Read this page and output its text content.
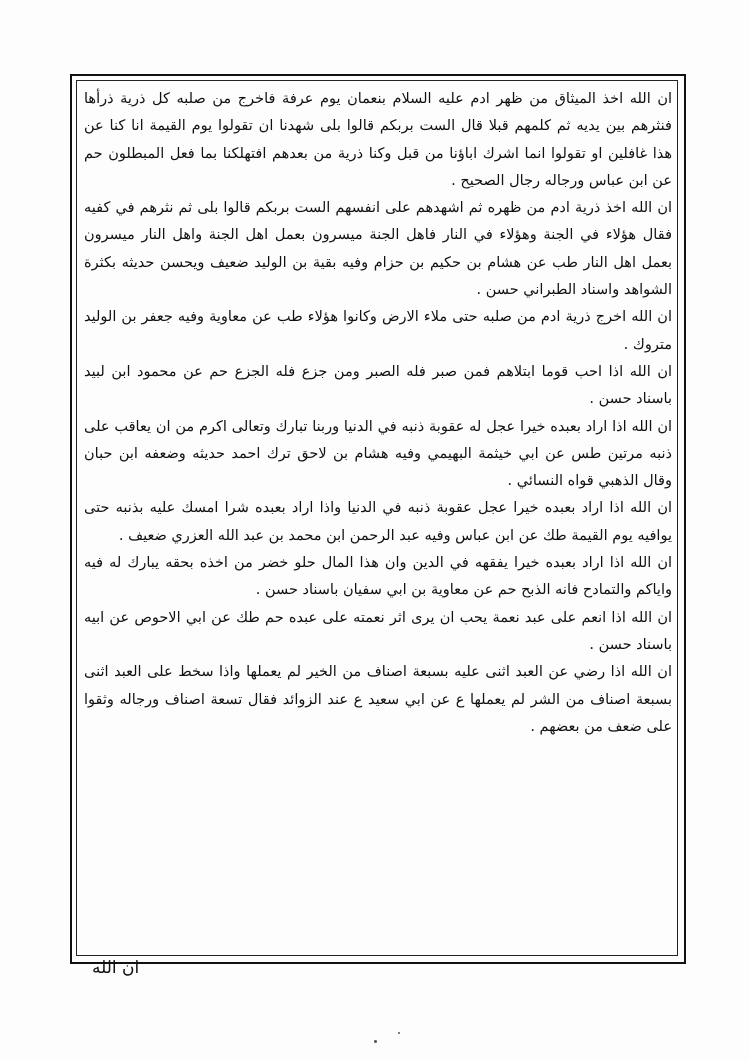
ان الله اخذ الميثاق من ظهر ادم عليه السلام بنعمان يوم عرفة فاخرج من صلبه كل ذرية ذرأها فنثرهم بين يديه ثم كلمهم قبلا قال الست بربكم قالوا بلى شهدنا ان تقولوا يوم القيمة انا كنا عن هذا غافلين او تقولوا انما اشرك اباؤنا من قبل وكنا ذرية من بعدهم افتهلكنا بما فعل المبطلون حم عن ابن عباس ورجاله رجال الصحيح .
ان الله اخذ ذرية ادم من ظهره ثم اشهدهم على انفسهم الست بربكم قالوا بلى ثم نثرهم في كفيه فقال هؤلاء في الجنة وهؤلاء في النار فاهل الجنة ميسرون بعمل اهل الجنة واهل النار ميسرون بعمل اهل النار طب عن هشام بن حكيم بن حزام وفيه بقية بن الوليد ضعيف ويحسن حديثه بكثرة الشواهد واسناد الطبراني حسن .
ان الله اخرج ذرية ادم من صلبه حتى ملاء الارض وكانوا هؤلاء طب عن معاوية وفيه جعفر بن الوليد متروك .
ان الله اذا احب قوما ابتلاهم فمن صبر فله الصبر ومن جزع فله الجزع حم عن محمود ابن لبيد باسناد حسن .
ان الله اذا اراد بعبده خيرا عجل له عقوبة ذنبه في الدنيا وربنا تبارك وتعالى اكرم من ان يعاقب على ذنبه مرتين طس عن ابي خيثمة البهيمي وفيه هشام بن لاحق ترك احمد حديثه وضعفه ابن حبان وقال الذهبي قواه النسائي .
ان الله اذا اراد بعبده خيرا عجل عقوبة ذنبه في الدنيا واذا اراد بعبده شرا امسك عليه بذنبه حتى يوافيه يوم القيمة طك عن ابن عباس وفيه عبد الرحمن ابن محمد بن عبد الله العزري ضعيف .
ان الله اذا اراد بعبده خيرا يفقهه في الدين وان هذا المال حلو خضر من اخذه بحقه يبارك له فيه واياكم والتمادح فانه الذبح حم عن معاوية بن ابي سفيان باسناد حسن .
ان الله اذا انعم على عبد نعمة يحب ان يرى اثر نعمته على عبده حم طك عن ابي الاحوص عن ابيه باسناد حسن .
ان الله اذا رضي عن العبد اثنى عليه بسبعة اصناف من الخير لم يعملها واذا سخط على العبد اثنى بسبعة اصناف من الشر لم يعملها ع عن ابي سعيد ع عند الزوائد فقال تسعة اصناف ورجاله وثقوا على ضعف من بعضهم .
ان الله
